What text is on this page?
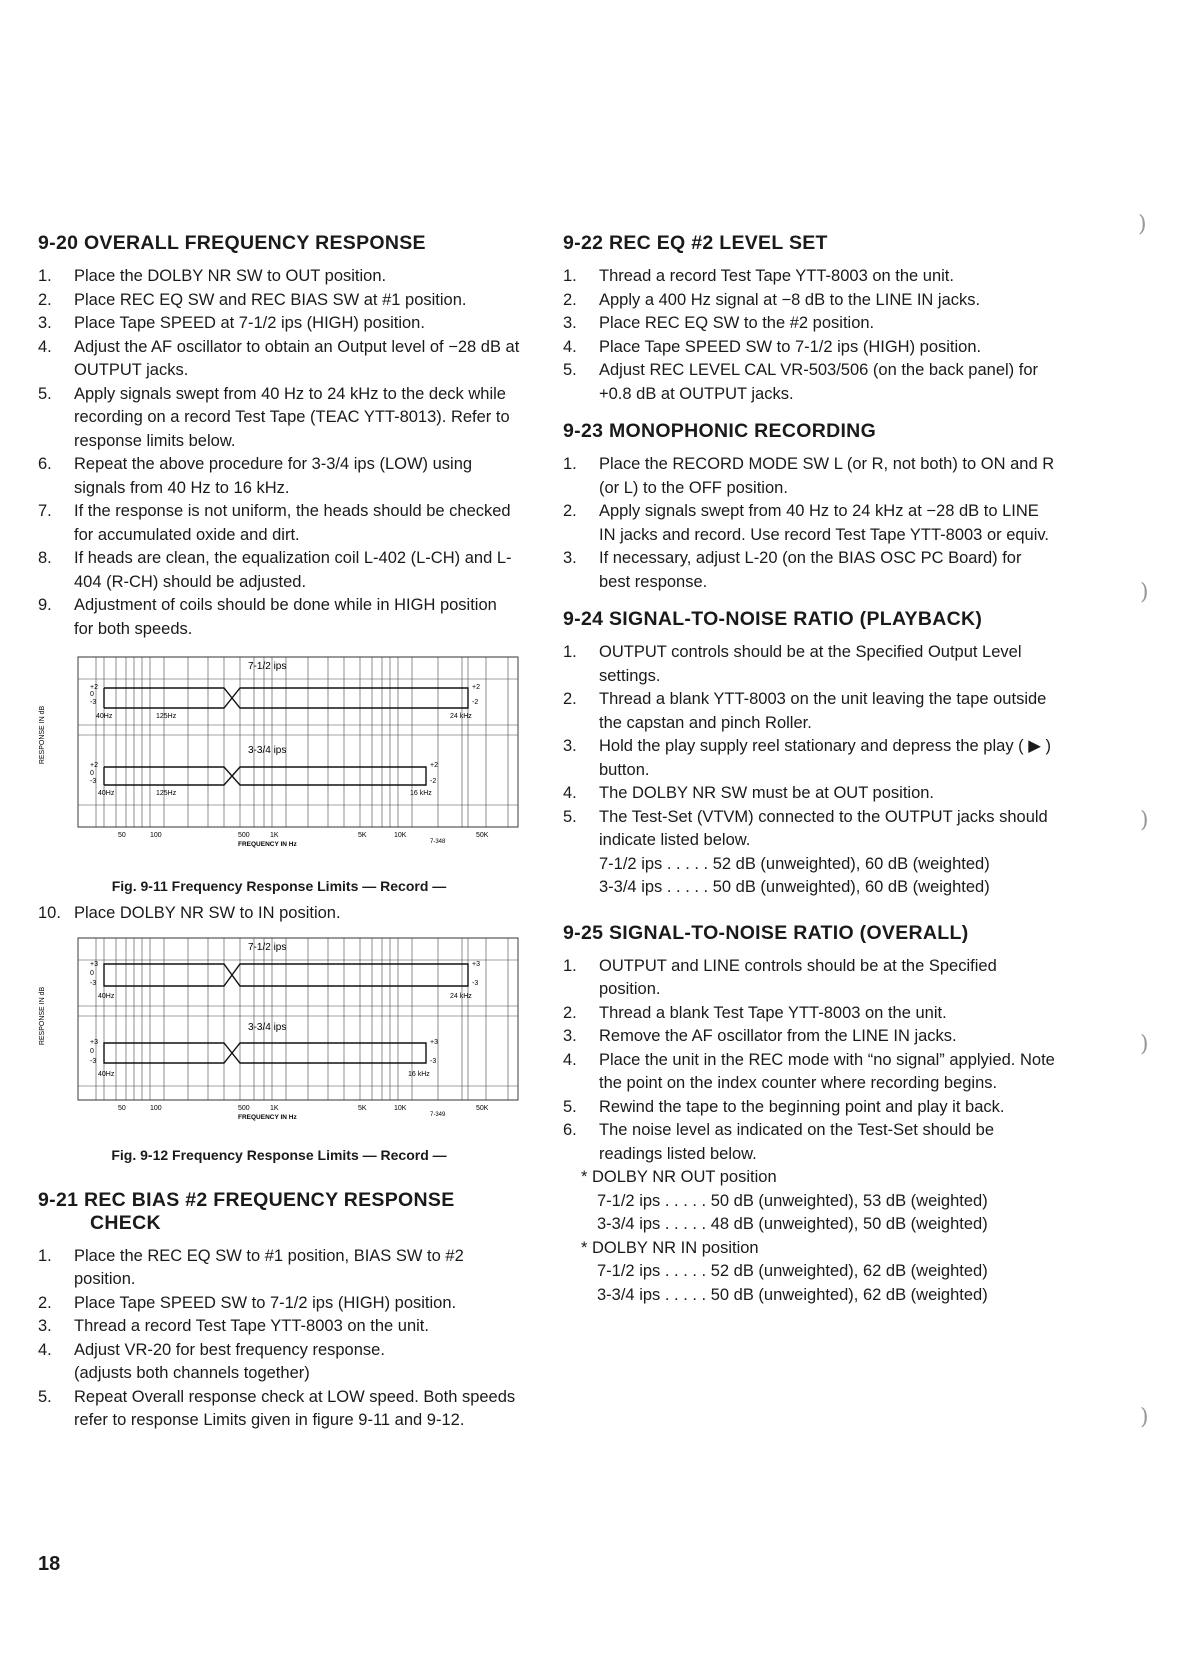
9-20 OVERALL FREQUENCY RESPONSE
1.	Place the DOLBY NR SW to OUT position.
2.	Place REC EQ SW and REC BIAS SW at #1 position.
3.	Place Tape SPEED at 7-1/2 ips (HIGH) position.
4.	Adjust the AF oscillator to obtain an Output level of −28 dB at OUTPUT jacks.
5.	Apply signals swept from 40 Hz to 24 kHz to the deck while recording on a record Test Tape (TEAC YTT-8013). Refer to response limits below.
6.	Repeat the above procedure for 3-3/4 ips (LOW) using signals from 40 Hz to 16 kHz.
7.	If the response is not uniform, the heads should be checked for accumulated oxide and dirt.
8.	If heads are clean, the equalization coil L-402 (L-CH) and L-404 (R-CH) should be adjusted.
9.	Adjustment of coils should be done while in HIGH position for both speeds.
RESPONSE IN dB
7-1/2 ips
+2
0
-3
+2
-2
40Hz	125Hz	24 kHz
3-3/4 ips
+2
0
-3
+2
-2
40Hz	125Hz	16 kHz
50	100	500	1K	5K	10K	50K
FREQUENCY IN Hz	7-348
Fig. 9-11 Frequency Response Limits — Record —
10. Place DOLBY NR SW to IN position.
RESPONSE IN dB
7-1/2 ips
+3
0
-3
+3
-3
40Hz	24 kHz
3-3/4 ips
+3
0
-3
+3
-3
40Hz	16 kHz
50	100	500	1K	5K	10K	50K
FREQUENCY IN Hz	7-349
Fig. 9-12 Frequency Response Limits — Record —
9-21 REC BIAS #2 FREQUENCY RESPONSE
CHECK
1.	Place the REC EQ SW to #1 position, BIAS SW to #2 position.
2.	Place Tape SPEED SW to 7-1/2 ips (HIGH) position.
3.	Thread a record Test Tape YTT-8003 on the unit.
4.	Adjust VR-20 for best frequency response.
(adjusts both channels together)
5.	Repeat Overall response check at LOW speed. Both speeds refer to response Limits given in figure 9-11 and 9-12.
9-22 REC EQ #2 LEVEL SET
1.	Thread a record Test Tape YTT-8003 on the unit.
2.	Apply a 400 Hz signal at −8 dB to the LINE IN jacks.
3.	Place REC EQ SW to the #2 position.
4.	Place Tape SPEED SW to 7-1/2 ips (HIGH) position.
5.	Adjust REC LEVEL CAL VR-503/506 (on the back panel) for +0.8 dB at OUTPUT jacks.
9-23 MONOPHONIC RECORDING
1.	Place the RECORD MODE SW L (or R, not both) to ON and R (or L) to the OFF position.
2.	Apply signals swept from 40 Hz to 24 kHz at −28 dB to LINE IN jacks and record. Use record Test Tape YTT-8003 or equiv.
3.	If necessary, adjust L-20 (on the BIAS OSC PC Board) for best response.
9-24 SIGNAL-TO-NOISE RATIO (PLAYBACK)
1.	OUTPUT controls should be at the Specified Output Level settings.
2.	Thread a blank YTT-8003 on the unit leaving the tape outside the capstan and pinch Roller.
3.	Hold the play supply reel stationary and depress the play ( ▶ ) button.
4.	The DOLBY NR SW must be at OUT position.
5.	The Test-Set (VTVM) connected to the OUTPUT jacks should indicate listed below.
7-1/2 ips . . . . . 52 dB (unweighted), 60 dB (weighted)
3-3/4 ips . . . . . 50 dB (unweighted), 60 dB (weighted)
9-25 SIGNAL-TO-NOISE RATIO (OVERALL)
1.	OUTPUT and LINE controls should be at the Specified position.
2.	Thread a blank Test Tape YTT-8003 on the unit.
3.	Remove the AF oscillator from the LINE IN jacks.
4.	Place the unit in the REC mode with “no signal” applyied. Note the point on the index counter where recording begins.
5.	Rewind the tape to the beginning point and play it back.
6.	The noise level as indicated on the Test-Set should be readings listed below.
* DOLBY NR OUT position
7-1/2 ips . . . . . 50 dB (unweighted), 53 dB (weighted)
3-3/4 ips . . . . . 48 dB (unweighted), 50 dB (weighted)
* DOLBY NR IN position
7-1/2 ips . . . . . 52 dB (unweighted), 62 dB (weighted)
3-3/4 ips . . . . . 50 dB (unweighted), 62 dB (weighted)
18
)
)
)
)
)
